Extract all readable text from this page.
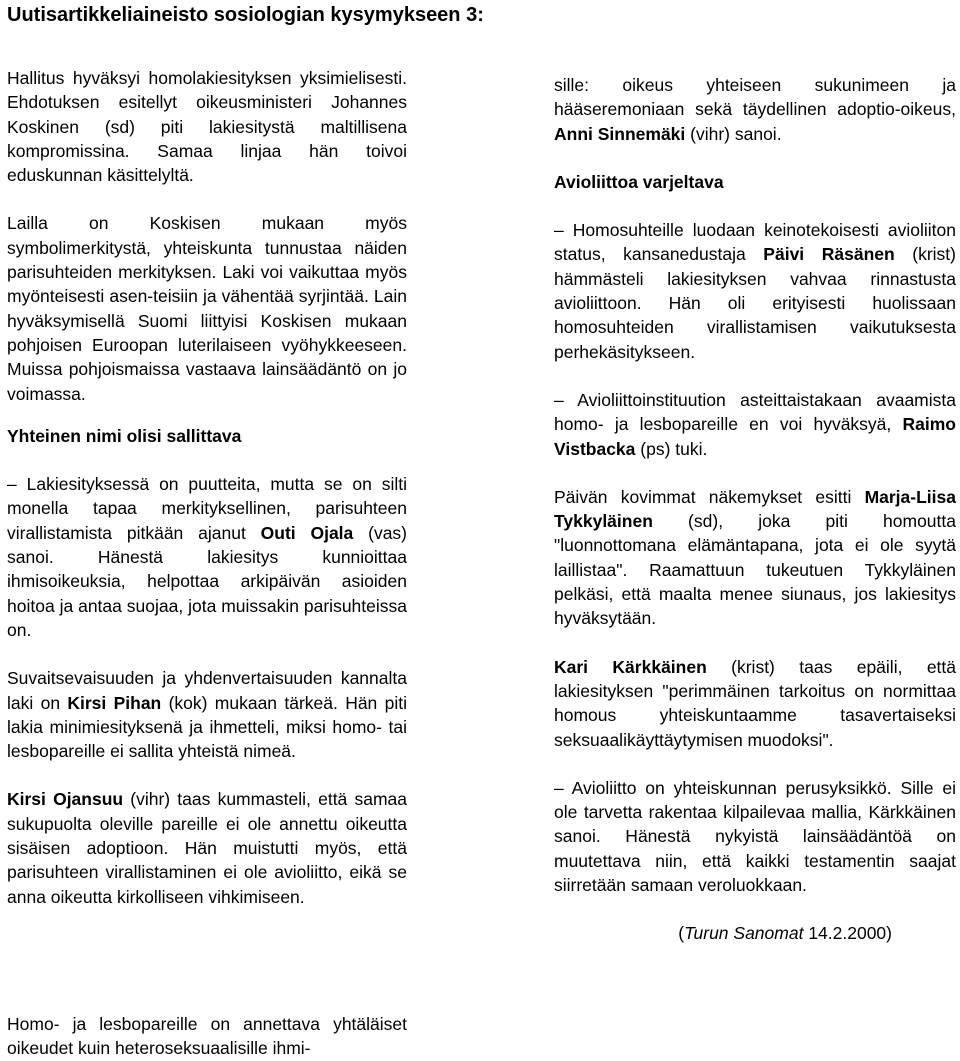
Uutisartikkeliaineisto sosiologian kysymykseen 3:

Hallitus hyväksyi homolakiesityksen yksimielisesti. Ehdotuksen esitellyt oikeusministeri Johannes Koskinen (sd) piti lakiesitystä maltillisena kompromissina. Samaa linjaa hän toivoi eduskunnan käsittelyltä.

Lailla on Koskisen mukaan myös symbolimerkitystä, yhteiskunta tunnustaa näiden parisuhteiden merkityksen. Laki voi vaikuttaa myös myönteisesti asen-teisiin ja vähentää syrjintää. Lain hyväksymisellä Suomi liittyisi Koskisen mukaan pohjoisen Euroopan luterilaiseen vyöhykkeeseen. Muissa pohjoismaissa vastaava lainsäädäntö on jo voimassa.

Yhteinen nimi olisi sallittava

– Lakiesityksessä on puutteita, mutta se on silti monella tapaa merkityksellinen, parisuhteen virallistamista pitkään ajanut Outi Ojala (vas) sanoi. Hänestä lakiesitys kunnioittaa ihmisoikeuksia, helpottaa arkipäivän asioiden hoitoa ja antaa suojaa, jota muissakin parisuhteissa on.

Suvaitsevaisuuden ja yhdenvertaisuuden kannalta laki on Kirsi Pihan (kok) mukaan tärkeä. Hän piti lakia minimiesityksenä ja ihmetteli, miksi homo- tai lesbopareille ei sallita yhteistä nimeä.

Kirsi Ojansuu (vihr) taas kummasteli, että samaa sukupuolta oleville pareille ei ole annettu oikeutta sisäisen adoptioon. Hän muistutti myös, että parisuhteen virallistaminen ei ole avioliitto, eikä se anna oikeutta kirkolliseen vihkimiseen.

Homo- ja lesbopareille on annettava yhtäläiset oikeudet kuin heteroseksuaalisille ihmi-

sille: oikeus yhteiseen sukunimeen ja hääseremoniaan sekä täydellinen adoptio-oikeus, Anni Sinnemäki (vihr) sanoi.

Avioliittoa varjeltava

– Homosuhteille luodaan keinotekoisesti avioliiton status, kansanedustaja Päivi Räsänen (krist) hämmästeli lakiesityksen vahvaa rinnastusta avioliittoon. Hän oli erityisesti huolissaan homosuhteiden virallistamisen vaikutuksesta perhekäsitykseen.

– Avioliittoinstituution asteittaistakaan avaamista homo- ja lesbopareille en voi hyväksyä, Raimo Vistbacka (ps) tuki.

Päivän kovimmat näkemykset esitti Marja-Liisa Tykkyläinen (sd), joka piti homoutta "luonnottomana elämäntapana, jota ei ole syytä laillistaa". Raamattuun tukeutuen Tykkyläinen pelkäsi, että maalta menee siunaus, jos lakiesitys hyväksytään.

Kari Kärkkäinen (krist) taas epäili, että lakiesityksen "perimmäinen tarkoitus on normittaa homous yhteiskuntaamme tasavertaiseksi seksuaalikäyttäytymisen muodoksi".

– Avioliitto on yhteiskunnan perusyksikkö. Sille ei ole tarvetta rakentaa kilpailevaa mallia, Kärkkäinen sanoi. Hänestä nykyistä lainsäädäntöä on muutettava niin, että kaikki testamentin saajat siirretään samaan veroluokkaan.

(Turun Sanomat 14.2.2000)
